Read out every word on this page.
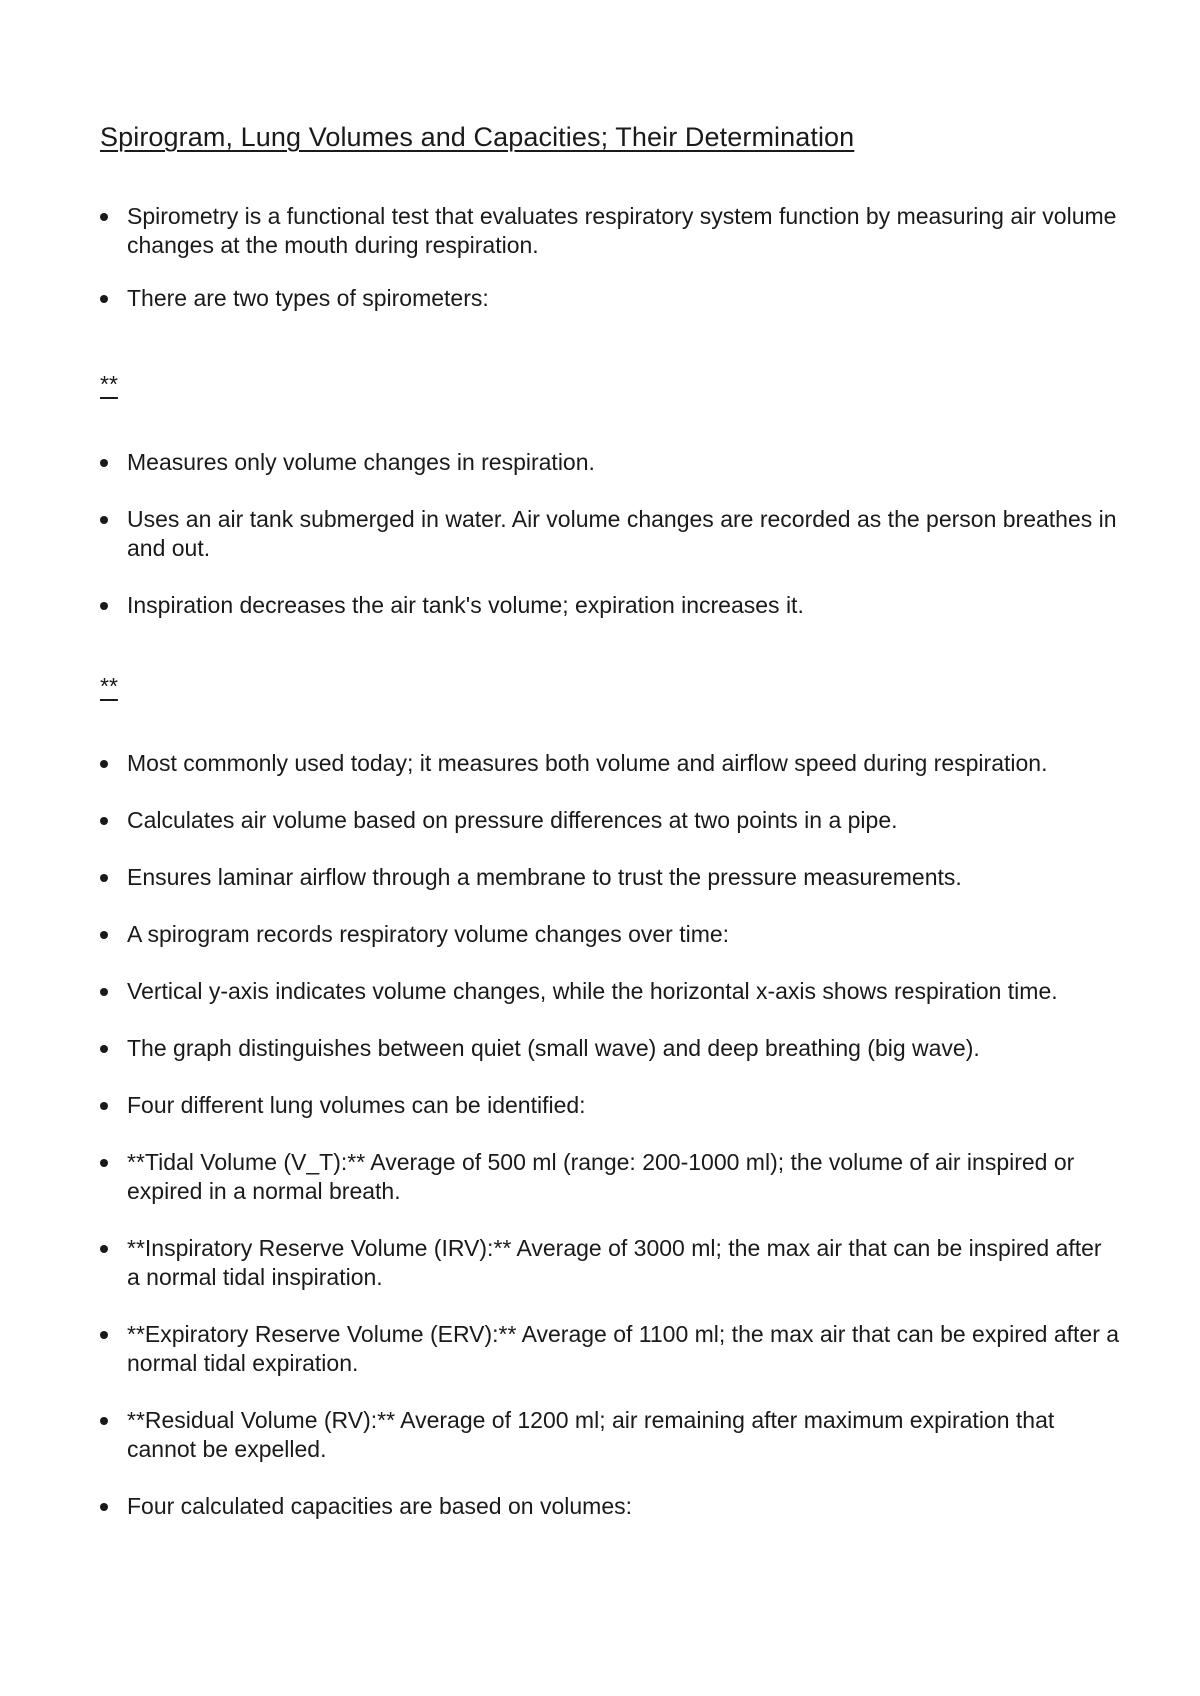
Spirogram, Lung Volumes and Capacities; Their Determination
Spirometry is a functional test that evaluates respiratory system function by measuring air volume changes at the mouth during respiration.
There are two types of spirometers:
**
Measures only volume changes in respiration.
Uses an air tank submerged in water. Air volume changes are recorded as the person breathes in and out.
Inspiration decreases the air tank's volume; expiration increases it.
**
Most commonly used today; it measures both volume and airflow speed during respiration.
Calculates air volume based on pressure differences at two points in a pipe.
Ensures laminar airflow through a membrane to trust the pressure measurements.
A spirogram records respiratory volume changes over time:
Vertical y-axis indicates volume changes, while the horizontal x-axis shows respiration time.
The graph distinguishes between quiet (small wave) and deep breathing (big wave).
Four different lung volumes can be identified:
**Tidal Volume (V_T):** Average of 500 ml (range: 200-1000 ml); the volume of air inspired or expired in a normal breath.
**Inspiratory Reserve Volume (IRV):** Average of 3000 ml; the max air that can be inspired after a normal tidal inspiration.
**Expiratory Reserve Volume (ERV):** Average of 1100 ml; the max air that can be expired after a normal tidal expiration.
**Residual Volume (RV):** Average of 1200 ml; air remaining after maximum expiration that cannot be expelled.
Four calculated capacities are based on volumes:
